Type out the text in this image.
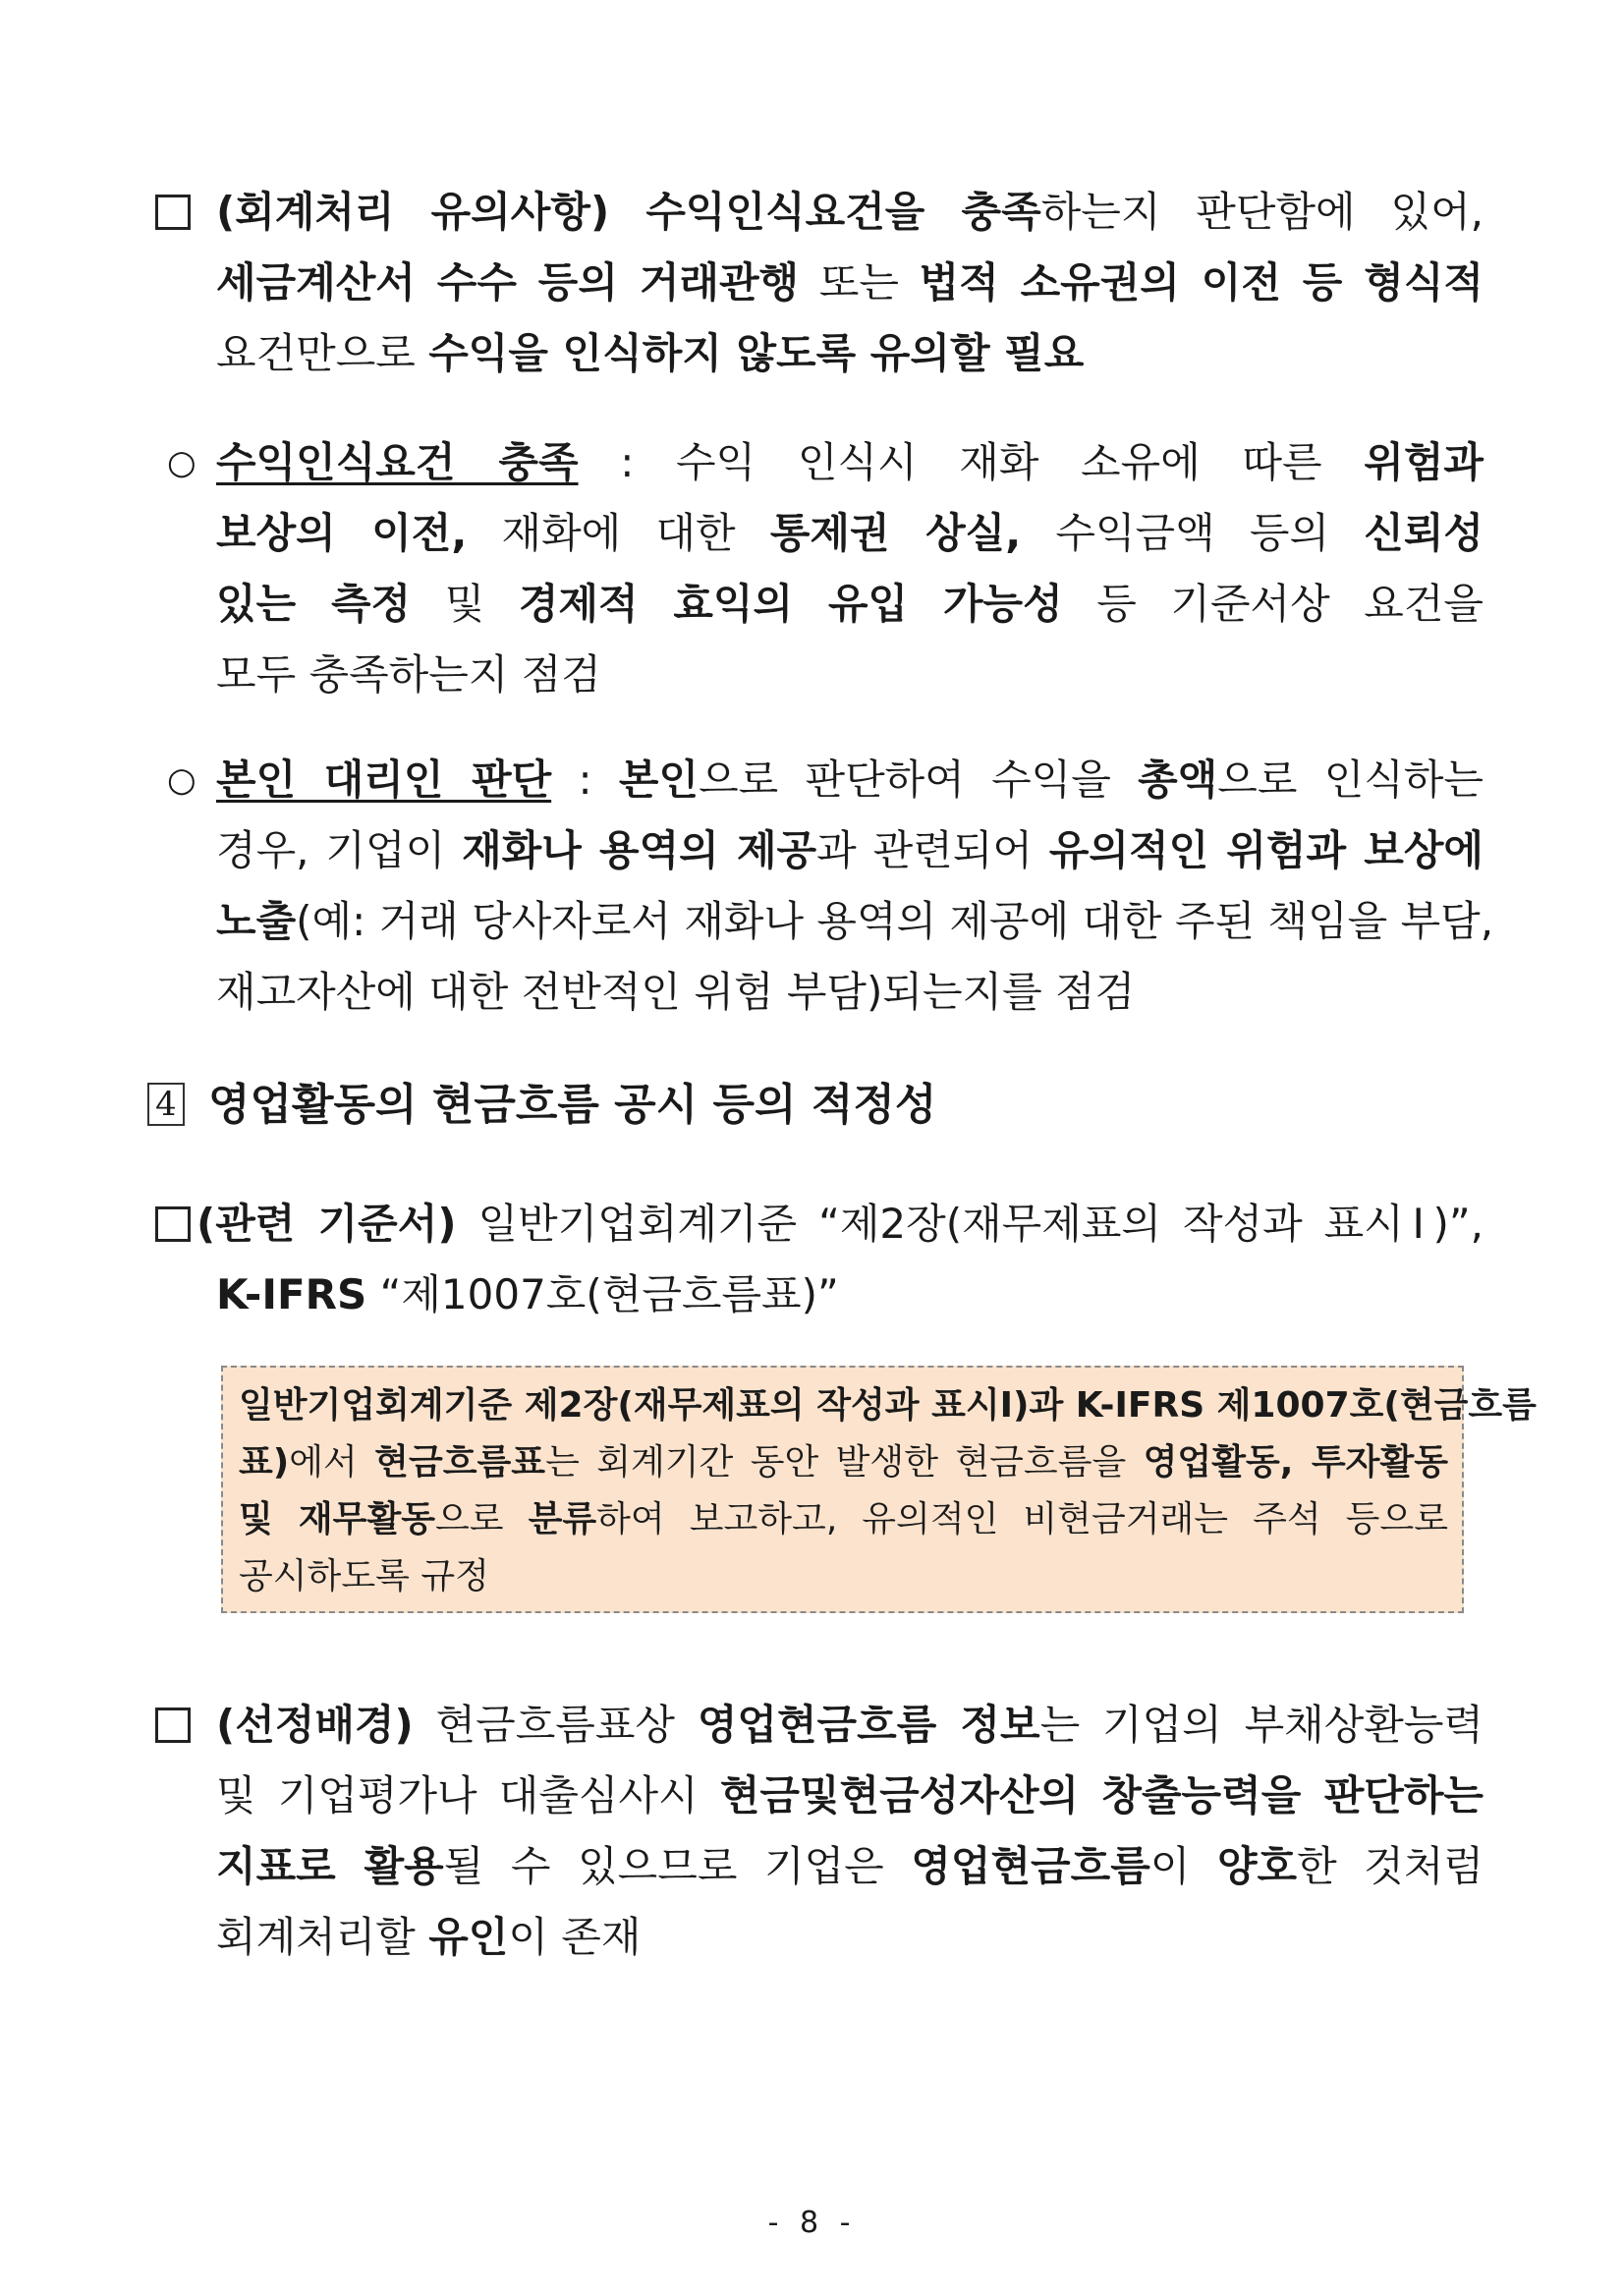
(회계처리 유의사항) 수익인식요건을 충족하는지 판단함에 있어,
세금계산서 수수 등의 거래관행 또는 법적 소유권의 이전 등 형식적
요건만으로 수익을 인식하지 않도록 유의할 필요
○ 수익인식요건 충족 : 수익 인식시 재화 소유에 따른 위험과
보상의 이전, 재화에 대한 통제권 상실, 수익금액 등의 신뢰성
있는 측정 및 경제적 효익의 유입 가능성 등 기준서상 요건을
모두 충족하는지 점검
○ 본인 대리인 판단 : 본인으로 판단하여 수익을 총액으로 인식하는
경우, 기업이 재화나 용역의 제공과 관련되어 유의적인 위험과 보상에
노출(예: 거래 당사자로서 재화나 용역의 제공에 대한 주된 책임을 부담,
재고자산에 대한 전반적인 위험 부담)되는지를 점검
4 영업활동의 현금흐름 공시 등의 적정성
(관련 기준서) 일반기업회계기준 “제2장(재무제표의 작성과 표시Ⅰ)”,
K-IFRS “제1007호(현금흐름표)”
일반기업회계기준 제2장(재무제표의 작성과 표시Ⅰ)과 K-IFRS 제1007호(현금흐름
표)에서 현금흐름표는 회계기간 동안 발생한 현금흐름을 영업활동, 투자활동
및 재무활동으로 분류하여 보고하고, 유의적인 비현금거래는 주석 등으로
공시하도록 규정
(선정배경) 현금흐름표상 영업현금흐름 정보는 기업의 부채상환능력
및 기업평가나 대출심사시 현금및현금성자산의 창출능력을 판단하는
지표로 활용될 수 있으므로 기업은 영업현금흐름이 양호한 것처럼
회계처리할 유인이 존재
- 8 -
